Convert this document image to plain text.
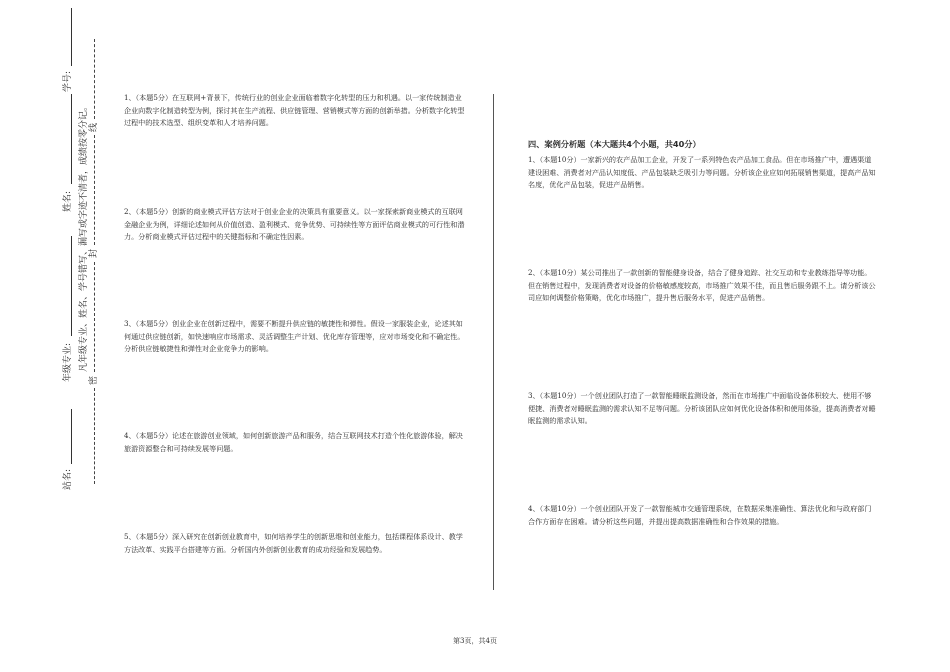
站名:
年级专业:
姓名:
学号:
凡年级专业、姓名、学号错写、漏写或字迹不清者，成绩按零分记。
密
封
线
1、（本题5分）在互联网+背景下，传统行业的创业企业面临着数字化转型的压力和机遇。以一家传统制造业企业向数字化制造转型为例，探讨其在生产流程、供应链管理、营销模式等方面的创新举措。分析数字化转型过程中的技术选型、组织变革和人才培养问题。
2、（本题5分）创新的商业模式评估方法对于创业企业的决策具有重要意义。以一家探索新商业模式的互联网金融企业为例，详细论述如何从价值创造、盈利模式、竞争优势、可持续性等方面评估商业模式的可行性和潜力。分析商业模式评估过程中的关键指标和不确定性因素。
3、（本题5分）创业企业在创新过程中，需要不断提升供应链的敏捷性和弹性。假设一家服装企业，论述其如何通过供应链创新，如快速响应市场需求、灵活调整生产计划、优化库存管理等，应对市场变化和不确定性。分析供应链敏捷性和弹性对企业竞争力的影响。
4、（本题5分）论述在旅游创业领域，如何创新旅游产品和服务，结合互联网技术打造个性化旅游体验，解决旅游资源整合和可持续发展等问题。
5、（本题5分）深入研究在创新创业教育中，如何培养学生的创新思维和创业能力，包括课程体系设计、教学方法改革、实践平台搭建等方面。分析国内外创新创业教育的成功经验和发展趋势。
四、案例分析题（本大题共4个小题，共40分）
1、（本题10分）一家新兴的农产品加工企业，开发了一系列特色农产品加工食品。但在市场推广中，遭遇渠道建设困难、消费者对产品认知度低、产品包装缺乏吸引力等问题。分析该企业应如何拓展销售渠道，提高产品知名度，优化产品包装，促进产品销售。
2、（本题10分）某公司推出了一款创新的智能健身设备，结合了健身追踪、社交互动和专业教练指导等功能。但在销售过程中，发现消费者对设备的价格敏感度较高，市场推广效果不佳，而且售后服务跟不上。请分析该公司应如何调整价格策略，优化市场推广，提升售后服务水平，促进产品销售。
3、（本题10分）一个创业团队打造了一款智能睡眠监测设备，然而在市场推广中面临设备体积较大、使用不够便捷、消费者对睡眠监测的需求认知不足等问题。分析该团队应如何优化设备体积和使用体验，提高消费者对睡眠监测的需求认知。
4、（本题10分）一个创业团队开发了一款智能城市交通管理系统，在数据采集准确性、算法优化和与政府部门合作方面存在困难。请分析这些问题，并提出提高数据准确性和合作效果的措施。
第3页，共4页
